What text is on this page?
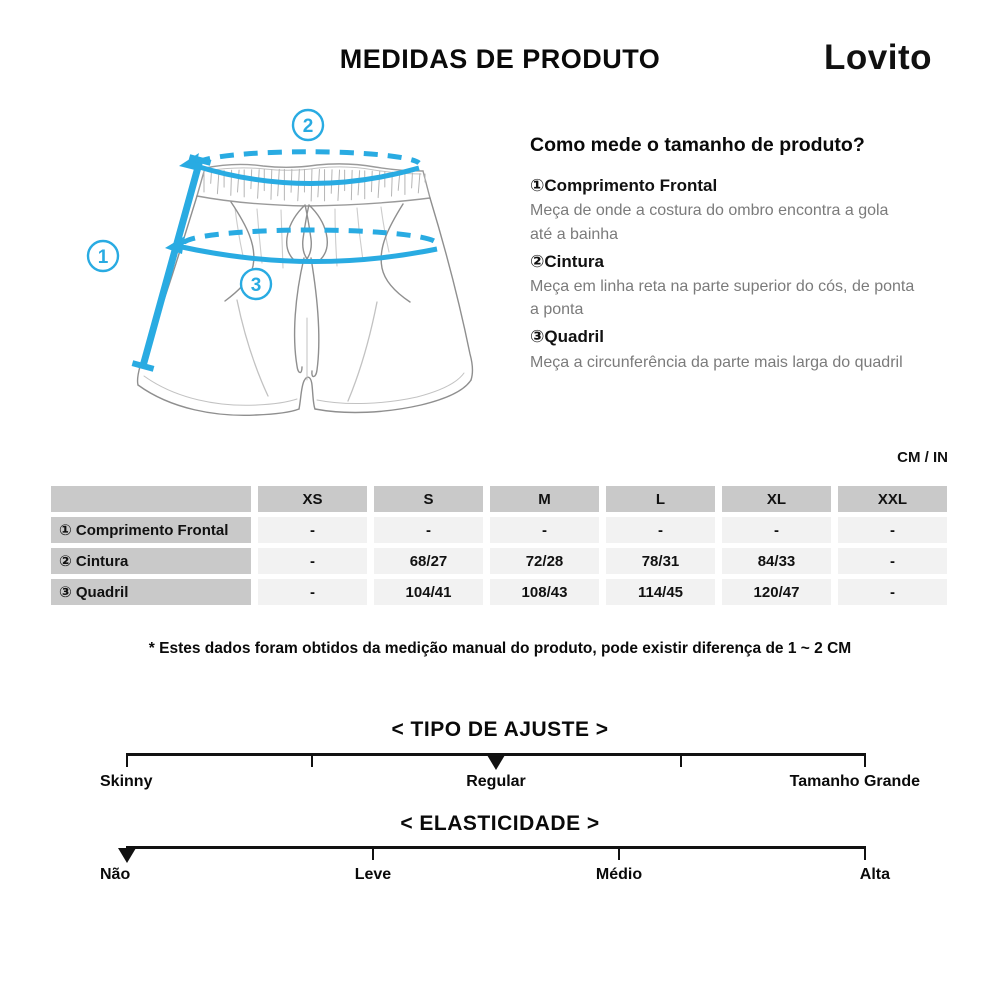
MEDIDAS DE PRODUTO	Lovito
1
2
3
Como mede o tamanho de produto?
①Comprimento Frontal
Meça de onde a costura do ombro encontra a gola até a bainha
②Cintura
Meça em linha reta na parte superior do cós, de ponta a ponta
③Quadril
Meça a circunferência da parte mais larga do quadril
CM / IN
	XS	S	M	L	XL	XXL
① Comprimento Frontal	-	-	-	-	-	-
② Cintura	-	68/27	72/28	78/31	84/33	-
③ Quadril	-	104/41	108/43	114/45	120/47	-
* Estes dados foram obtidos da medição manual do produto, pode existir diferença de 1 ~ 2 CM
< TIPO DE AJUSTE >
Skinny	Regular	Tamanho Grande
< ELASTICIDADE >
Não	Leve	Médio	Alta
